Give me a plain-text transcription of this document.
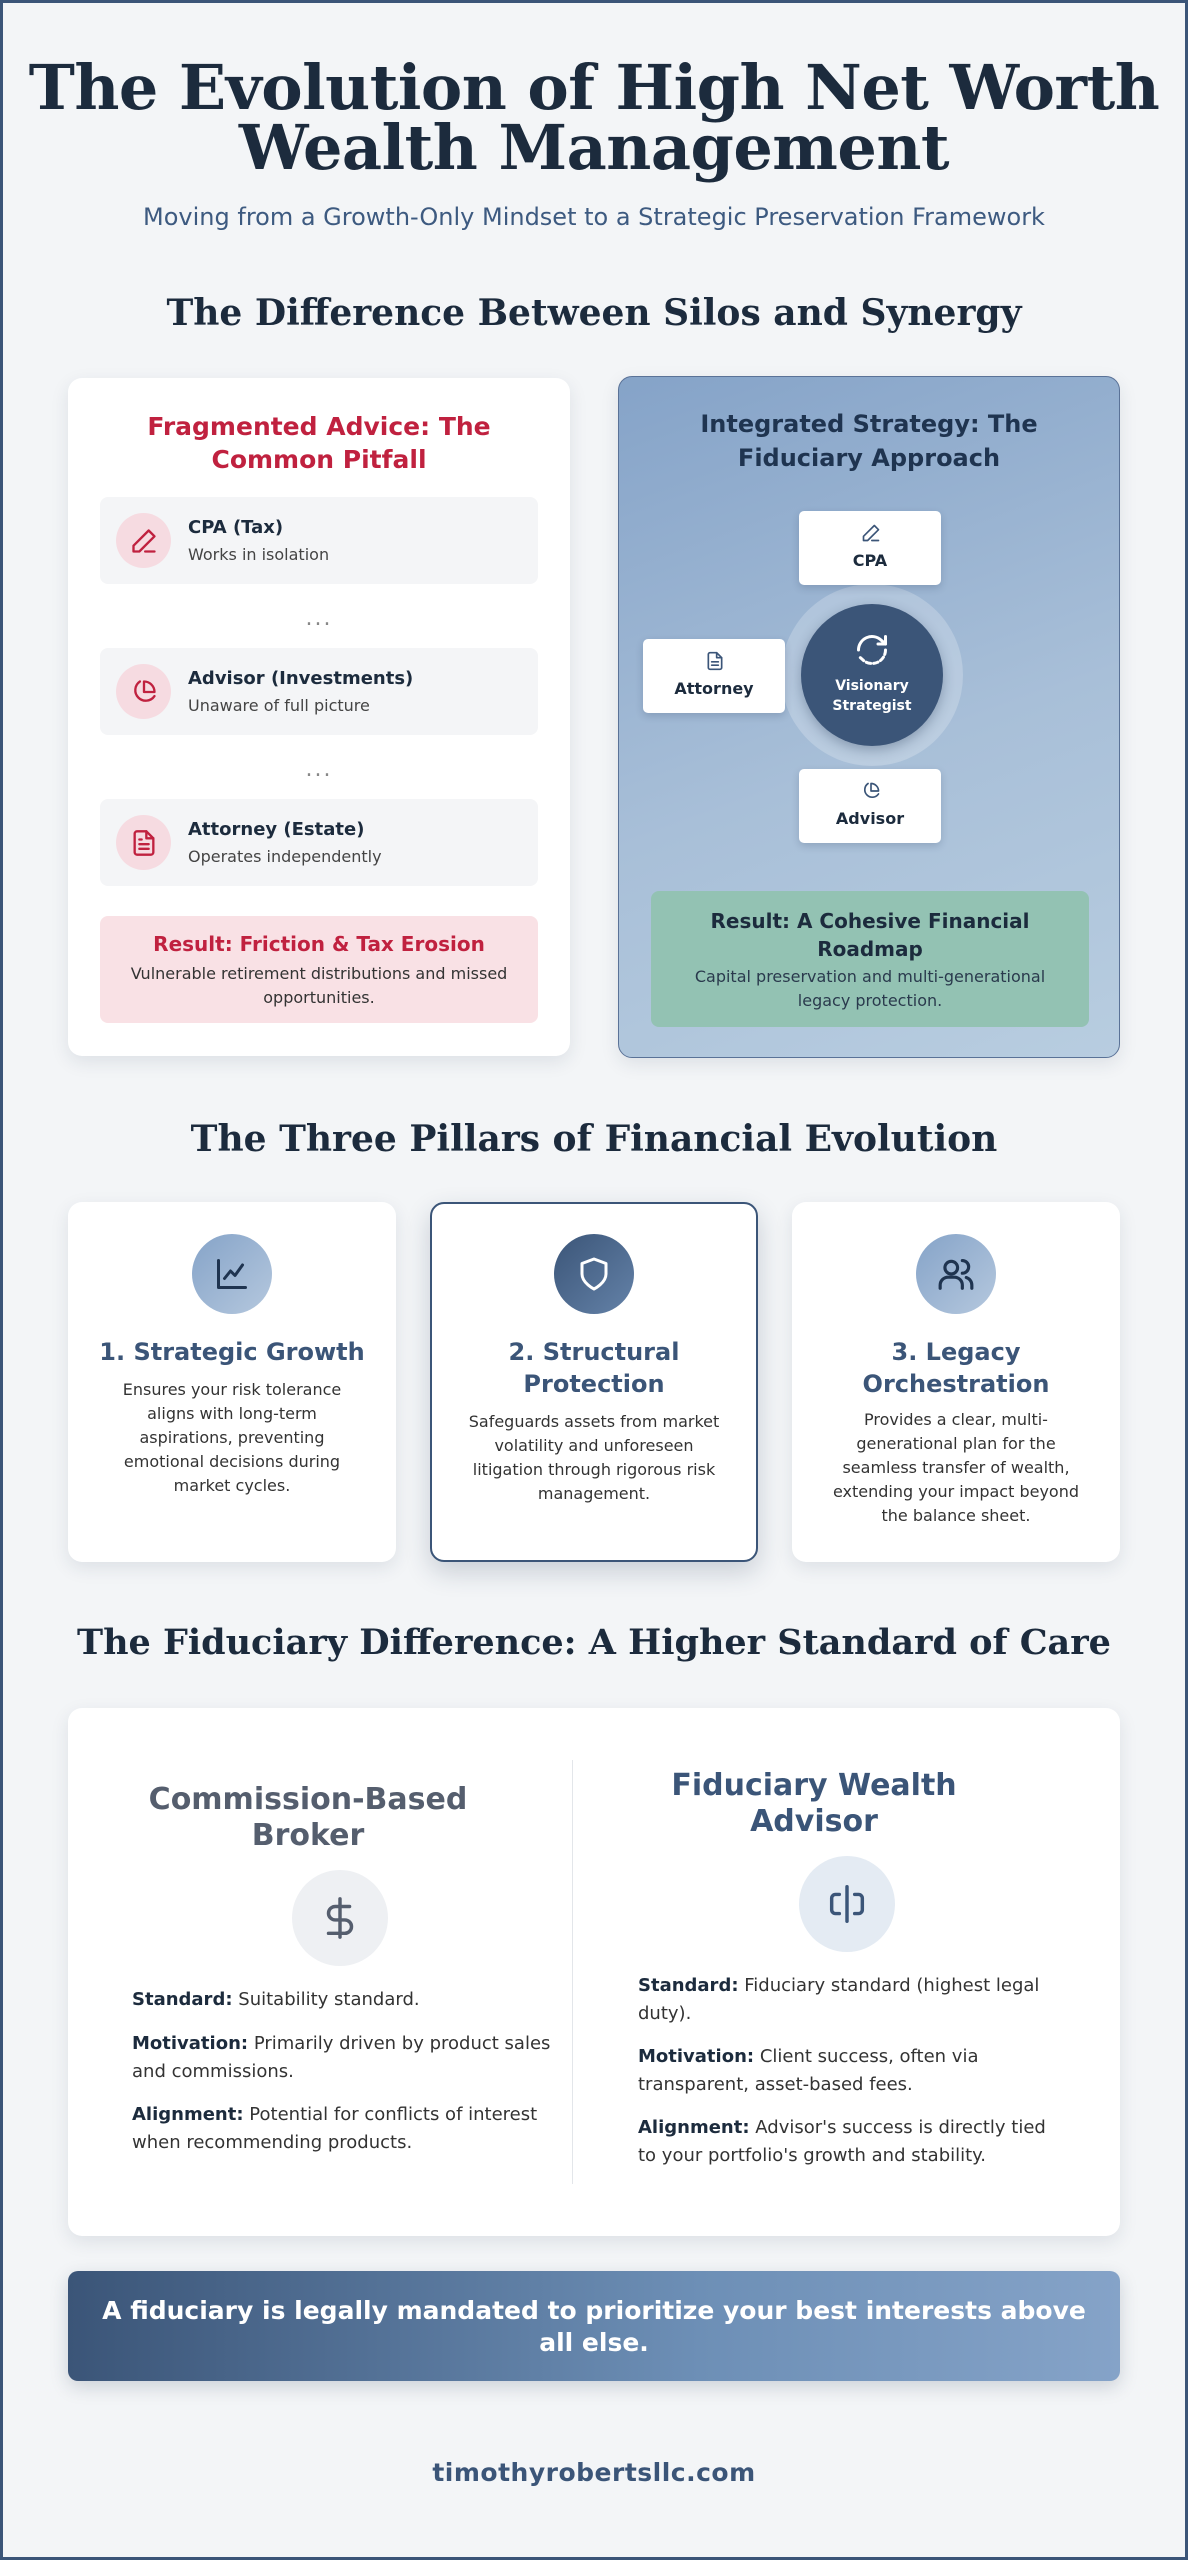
The Evolution of High Net Worth
Wealth Management
Moving from a Growth-Only Mindset to a Strategic Preservation Framework
The Difference Between Silos and Synergy
Fragmented Advice: The Common Pitfall
CPA (Tax)
Works in isolation
...
Advisor (Investments)
Unaware of full picture
...
Attorney (Estate)
Operates independently
Result: Friction & Tax Erosion
Vulnerable retirement distributions and missed opportunities.
Integrated Strategy: The Fiduciary Approach
Visionary
Strategist
CPA
Attorney
Advisor
Result: A Cohesive Financial Roadmap
Capital preservation and multi-generational legacy protection.
The Three Pillars of Financial Evolution
1. Strategic Growth
Ensures your risk tolerance aligns with long-term aspirations, preventing emotional decisions during market cycles.
2. Structural Protection
Safeguards assets from market volatility and unforeseen litigation through rigorous risk management.
3. Legacy Orchestration
Provides a clear, multi-generational plan for the seamless transfer of wealth, extending your impact beyond the balance sheet.
The Fiduciary Difference: A Higher Standard of Care
Commission-Based Broker
Standard: Suitability standard.
Motivation: Primarily driven by product sales and commissions.
Alignment: Potential for conflicts of interest when recommending products.
Fiduciary Wealth Advisor
Standard: Fiduciary standard (highest legal duty).
Motivation: Client success, often via transparent, asset-based fees.
Alignment: Advisor's success is directly tied to your portfolio's growth and stability.
A fiduciary is legally mandated to prioritize your best interests above all else.
timothyrobertsllc.com
